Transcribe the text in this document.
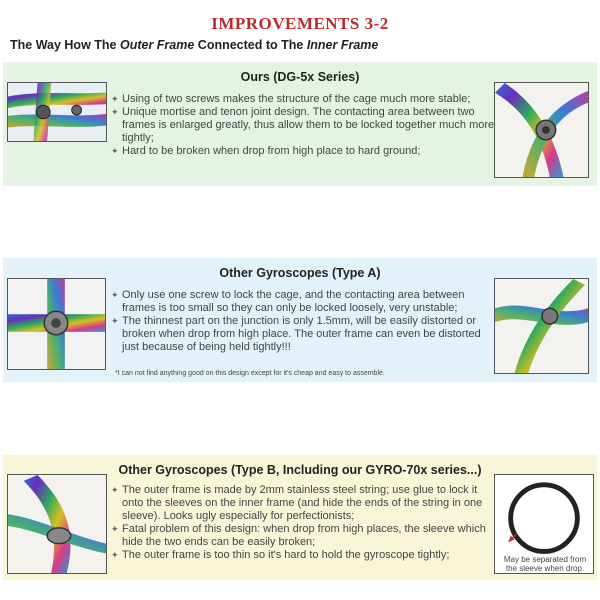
IMPROVEMENTS 3-2
The Way How The Outer Frame Connected to The Inner Frame
Ours (DG-5x Series)
✦ Using of two screws makes the structure of the cage much more stable;
✦ Unique mortise and tenon joint design. The contacting area between two frames is enlarged greatly, thus allow them to be locked together much more tightly;
✦ Hard to be broken when drop from high place to hard ground;
Other Gyroscopes (Type A)
✦ Only use one screw to lock the cage, and the contacting area between frames is too small so they can only be locked loosely, very unstable;
✦ The thinnest part on the junction is only 1.5mm, will be easily distorted or broken when drop from high place. The outer frame can even be distorted just because of being held tightly!!!
*I can not find anything good on this design except for it's cheap and easy to assemble.
Other Gyroscopes (Type B, Including our GYRO-70x series...)
May be separated from the sleeve when drop.
✦ The outer frame is made by 2mm stainless steel string; use glue to lock it onto the sleeves on the inner frame (and hide the ends of the string in one sleeve). Looks ugly especially for perfectionists;
✦ Fatal problem of this design: when drop from high places, the sleeve which hide the two ends can be easily broken;
✦ The outer frame is too thin so it's hard to hold the gyroscope tightly;
